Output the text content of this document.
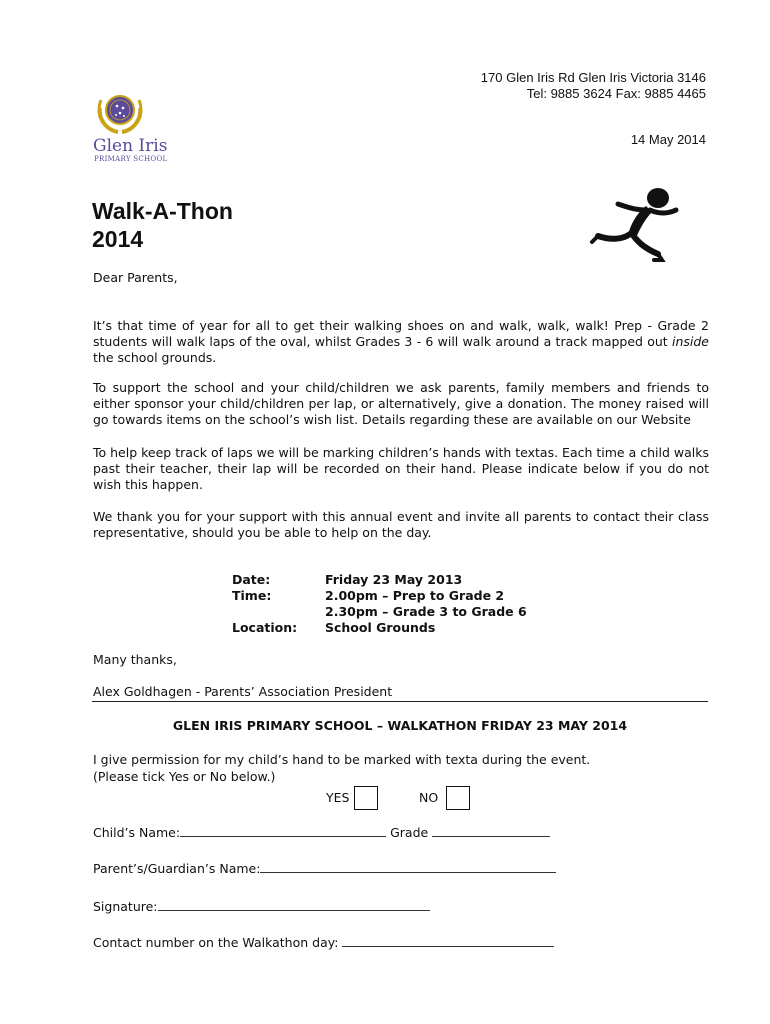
170 Glen Iris Rd Glen Iris Victoria 3146
Tel: 9885 3624 Fax: 9885 4465
14 May 2014
Glen Iris
PRIMARY SCHOOL
Walk-A-Thon
2014
Dear Parents,
It’s that time of year for all to get their walking shoes on and walk, walk, walk! Prep - Grade 2 students will walk laps of the oval, whilst Grades 3 - 6 will walk around a track mapped out inside the school grounds.
To support the school and your child/children we ask parents, family members and friends to either sponsor your child/children per lap, or alternatively, give a donation. The money raised will go towards items on the school’s wish list. Details regarding these are available on our Website
To help keep track of laps we will be marking children’s hands with textas. Each time a child walks past their teacher, their lap will be recorded on their hand. Please indicate below if you do not wish this happen.
We thank you for your support with this annual event and invite all parents to contact their class representative, should you be able to help on the day.
Date:	Friday 23 May 2013
Time:	2.00pm – Prep to Grade 2
2.30pm – Grade 3 to Grade 6
Location:	School Grounds
Many thanks,
Alex Goldhagen - Parents’ Association President
GLEN IRIS PRIMARY SCHOOL – WALKATHON FRIDAY 23 MAY 2014
I give permission for my child’s hand to be marked with texta during the event.
(Please tick Yes or No below.)
YES	NO
Child’s Name:	Grade
Parent’s/Guardian’s Name:
Signature:
Contact number on the Walkathon day:
